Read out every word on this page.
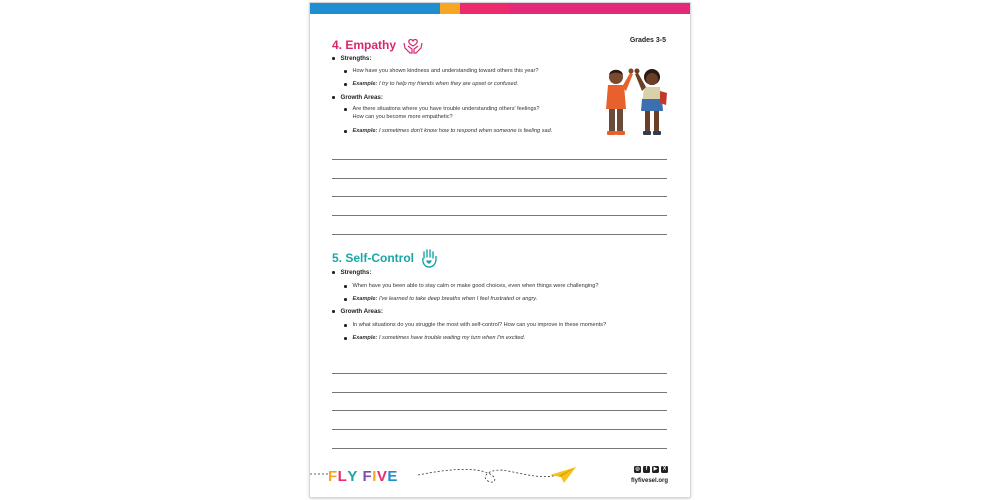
4. Empathy	Grades 3-5
Strengths:
How have you shown kindness and understanding toward others this year?
Example: I try to help my friends when they are upset or confused.
Growth Areas:
Are there situations where you have trouble understanding others' feelings?
How can you become more empathetic?
Example: I sometimes don't know how to respond when someone is feeling sad.
5. Self-Control
Strengths:
When have you been able to stay calm or make good choices, even when things were challenging?
Example: I've learned to take deep breaths when I feel frustrated or angry.
Growth Areas:
In what situations do you struggle the most with self-control? How can you improve in these moments?
Example: I sometimes have trouble waiting my turn when I'm excited.
F L Y
F I V E	◎	f	▶	X
flyfivesel.org
